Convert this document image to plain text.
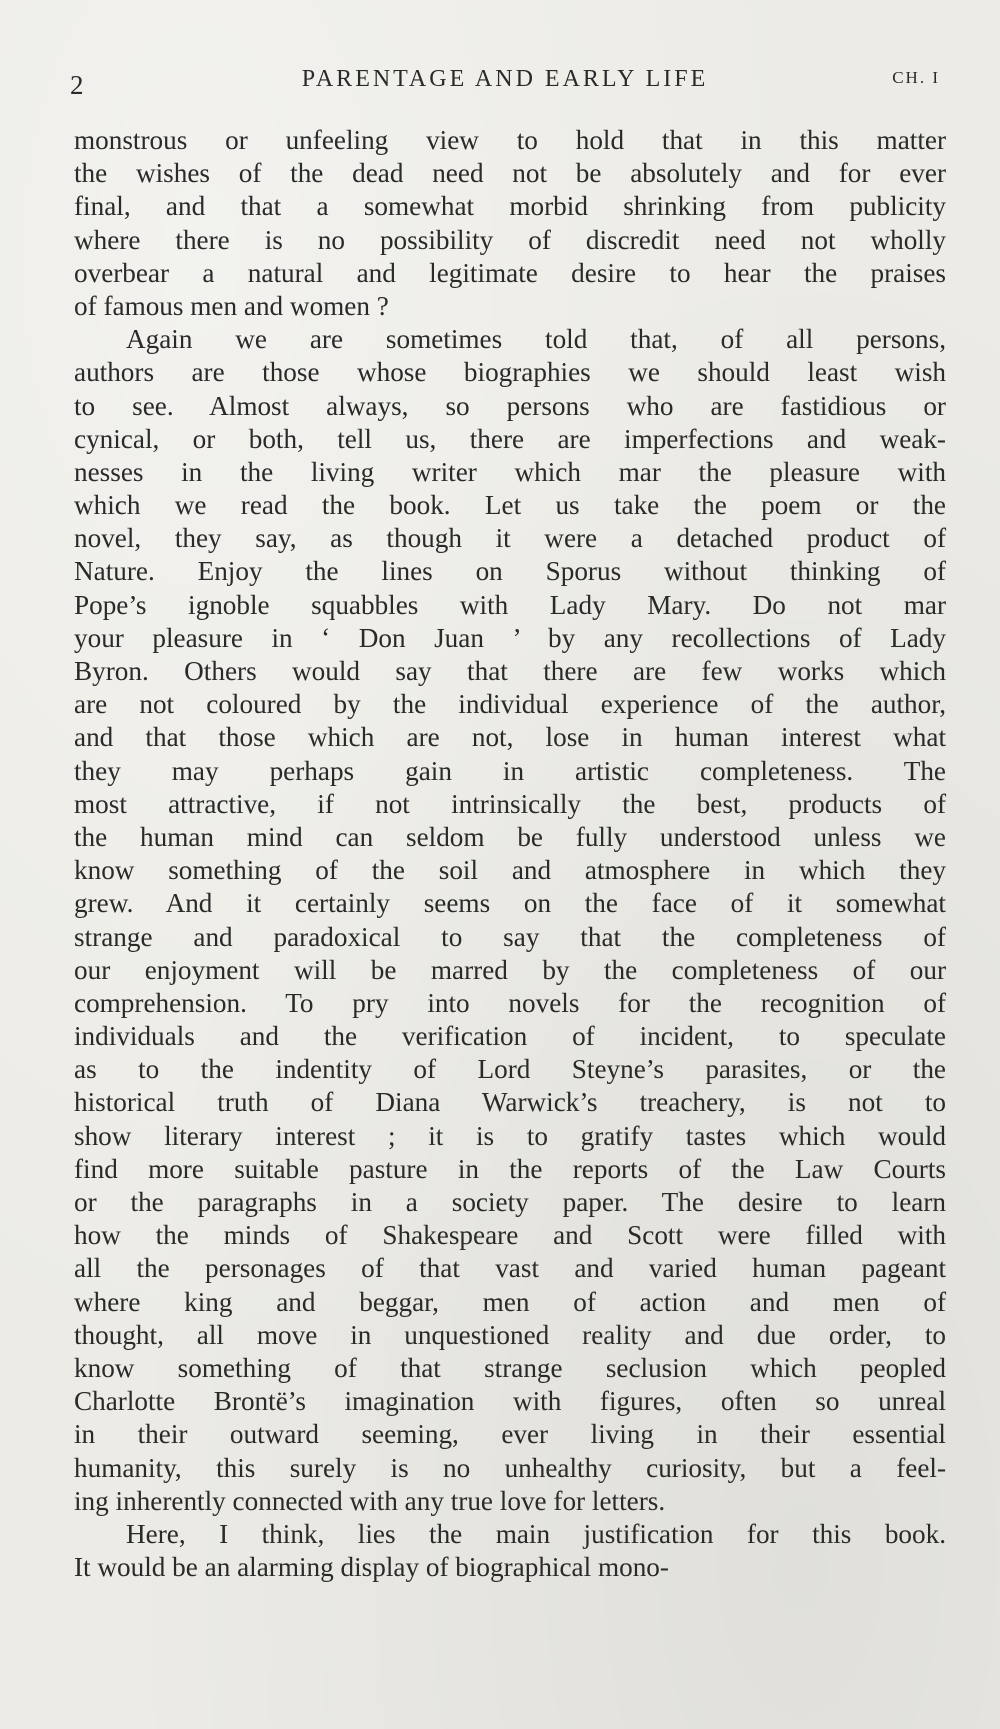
2	PARENTAGE AND EARLY LIFE	CH. I
monstrous or unfeeling view to hold that in this matter
the wishes of the dead need not be absolutely and for ever
final, and that a somewhat morbid shrinking from publicity
where there is no possibility of discredit need not wholly
overbear a natural and legitimate desire to hear the praises
of famous men and women ?
Again we are sometimes told that, of all persons,
authors are those whose biographies we should least wish
to see. Almost always, so persons who are fastidious or
cynical, or both, tell us, there are imperfections and weak-
nesses in the living writer which mar the pleasure with
which we read the book. Let us take the poem or the
novel, they say, as though it were a detached product of
Nature. Enjoy the lines on Sporus without thinking of
Pope’s ignoble squabbles with Lady Mary. Do not mar
your pleasure in ‘ Don Juan ’ by any recollections of Lady
Byron. Others would say that there are few works which
are not coloured by the individual experience of the author,
and that those which are not, lose in human interest what
they may perhaps gain in artistic completeness. The
most attractive, if not intrinsically the best, products of
the human mind can seldom be fully understood unless we
know something of the soil and atmosphere in which they
grew. And it certainly seems on the face of it somewhat
strange and paradoxical to say that the completeness of
our enjoyment will be marred by the completeness of our
comprehension. To pry into novels for the recognition of
individuals and the verification of incident, to speculate
as to the indentity of Lord Steyne’s parasites, or the
historical truth of Diana Warwick’s treachery, is not to
show literary interest ; it is to gratify tastes which would
find more suitable pasture in the reports of the Law Courts
or the paragraphs in a society paper. The desire to learn
how the minds of Shakespeare and Scott were filled with
all the personages of that vast and varied human pageant
where king and beggar, men of action and men of
thought, all move in unquestioned reality and due order, to
know something of that strange seclusion which peopled
Charlotte Brontë’s imagination with figures, often so unreal
in their outward seeming, ever living in their essential
humanity, this surely is no unhealthy curiosity, but a feel-
ing inherently connected with any true love for letters.
Here, I think, lies the main justification for this book.
It would be an alarming display of biographical mono-
